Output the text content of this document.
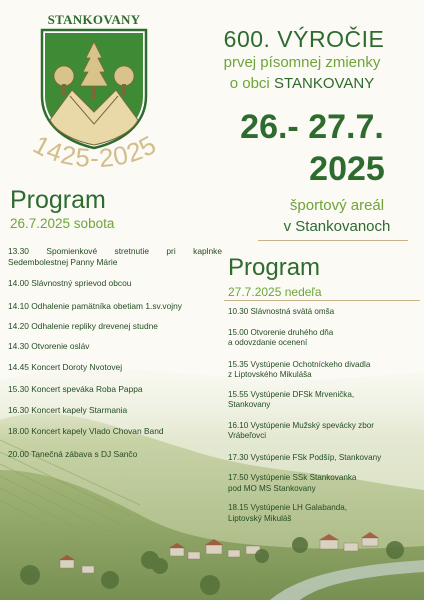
STANKOVANY
1425-2025
600. VÝROČIE
prvej písomnej zmienky
o obci STANKOVANY
26.- 27.7.
2025
športový areál
v Stankovanoch
Program
26.7.2025 sobota
13.30 Spomienkové stretnutie pri kaplnke
Sedembolestnej Panny Márie
14.00 Slávnostný sprievod obcou
14.10 Odhalenie pamätníka obetiam 1.sv.vojny
14.20 Odhalenie repliky drevenej studne
14.30 Otvorenie osláv
14.45 Koncert Doroty Nvotovej
15.30 Koncert speváka Roba Pappa
16.30 Koncert kapely Starmania
18.00 Koncert kapely Vlado Chovan Band
20.00 Tanečná zábava s DJ Sančo
Program
27.7.2025 nedeľa
10.30 Slávnostná svätá omša
15.00 Otvorenie druhého dňa
a odovzdanie ocenení
15.35 Vystúpenie Ochotníckeho divadla
z Liptovského Mikuláša
15.55 Vystúpenie DFSk Mrvenička,
Stankovany
16.10 Vystúpenie Mužský spevácky zbor
Vrábeľovci
17.30 Vystúpenie FSk Podšíp, Stankovany
17.50 Vystúpenie SSk Stankovanka
pod MO MS Stankovany
18.15 Vystúpenie LH Galabanda,
Liptovský Mikuláš
